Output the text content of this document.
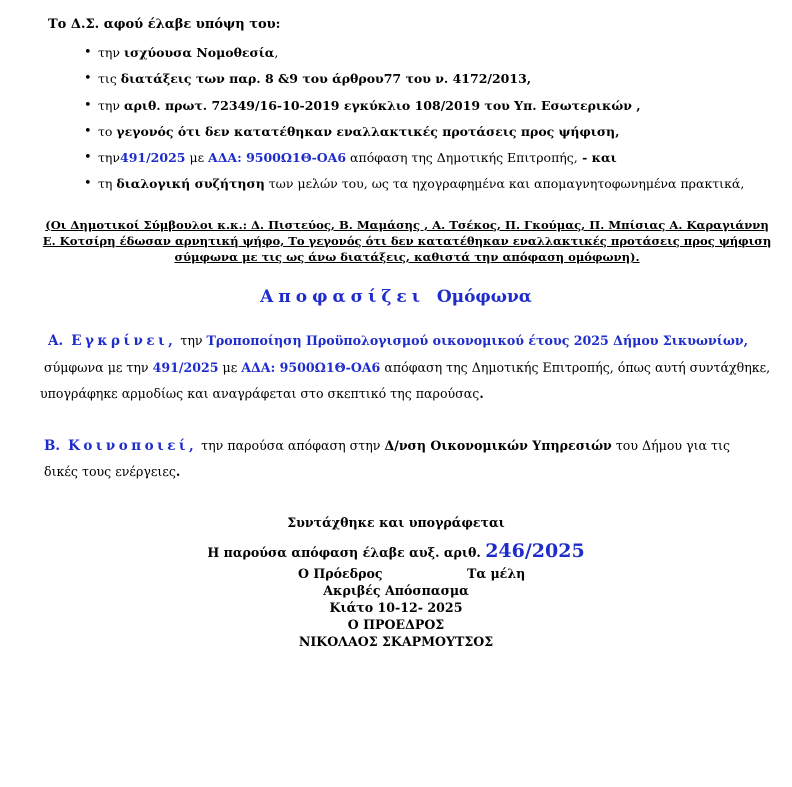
Το Δ.Σ. αφού έλαβε υπόψη του:
• την ισχύουσα Νομοθεσία,
• τις διατάξεις των παρ. 8 &9 του άρθρου77 του ν. 4172/2013,
• την αριθ. πρωτ. 72349/16-10-2019 εγκύκλιο 108/2019 του Υπ. Εσωτερικών ,
• το γεγονός ότι δεν κατατέθηκαν εναλλακτικές προτάσεις προς ψήφιση,
• την491/2025 με ΑΔΑ: 9500Ω1Θ-ΟΑ6 απόφαση της Δημοτικής Επιτροπής, - και
• τη διαλογική συζήτηση των μελών του, ως τα ηχογραφημένα και απομαγνητοφωνημένα πρακτικά,
(Οι Δημοτικοί Σύμβουλοι κ.κ.: Δ. Πιστεύος, Β. Μαμάσης , Α. Τσέκος, Π. Γκούμας, Π. Μπίσιας Α. Καραγιάννη Ε. Κοτσίρη έδωσαν αρνητική ψήφο, Το γεγονός ότι δεν κατατέθηκαν εναλλακτικές προτάσεις προς ψήφιση σύμφωνα με τις ως άνω διατάξεις, καθιστά την απόφαση ομόφωνη).
Αποφασίζει Ομόφωνα
Α. Εγκρίνει, την Τροποποίηση Προϋπολογισμού οικονομικού έτους 2025 Δήμου Σικυωνίων,
σύμφωνα με την 491/2025 με ΑΔΑ: 9500Ω1Θ-ΟΑ6 απόφαση της Δημοτικής Επιτροπής, όπως αυτή συντάχθηκε,
υπογράφηκε αρμοδίως και αναγράφεται στο σκεπτικό της παρούσας.
Β. Κοινοποιεί, την παρούσα απόφαση στην Δ/νση Οικονομικών Υπηρεσιών του Δήμου για τις
δικές τους ενέργειες.
Συντάχθηκε και υπογράφεται
Η παρούσα απόφαση έλαβε αυξ. αριθ. 246/2025
Ο Πρόεδρος	Τα μέλη
Ακριβές Απόσπασμα
Κιάτο 10-12- 2025
Ο ΠΡΟΕΔΡΟΣ
ΝΙΚΟΛΑΟΣ ΣΚΑΡΜΟΥΤΣΟΣ
